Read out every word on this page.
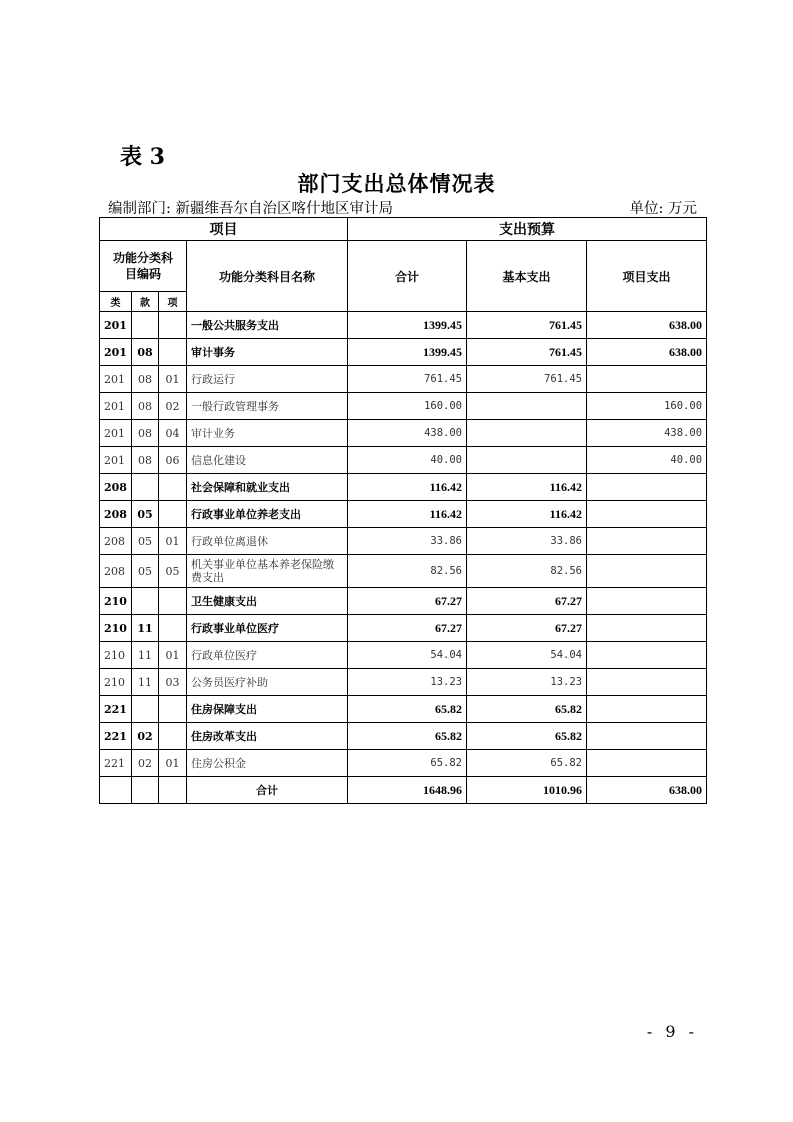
表 3
部门支出总体情况表
编制部门: 新疆维吾尔自治区喀什地区审计局	单位: 万元
项目				支出预算		
功能分类科目编码			功能分类科目名称	合计	基本支出	项目支出
类	款	项				
201			一般公共服务支出	1399.45	761.45	638.00
201	08		审计事务	1399.45	761.45	638.00
201	08	01	行政运行	761.45	761.45	
201	08	02	一般行政管理事务	160.00		160.00
201	08	04	审计业务	438.00		438.00
201	08	06	信息化建设	40.00		40.00
208			社会保障和就业支出	116.42	116.42	
208	05		行政事业单位养老支出	116.42	116.42	
208	05	01	行政单位离退休	33.86	33.86	
208	05	05	机关事业单位基本养老保险缴费支出	82.56	82.56	
210			卫生健康支出	67.27	67.27	
210	11		行政事业单位医疗	67.27	67.27	
210	11	01	行政单位医疗	54.04	54.04	
210	11	03	公务员医疗补助	13.23	13.23	
221			住房保障支出	65.82	65.82	
221	02		住房改革支出	65.82	65.82	
221	02	01	住房公积金	65.82	65.82	
			合计	1648.96	1010.96	638.00
- 9 -
